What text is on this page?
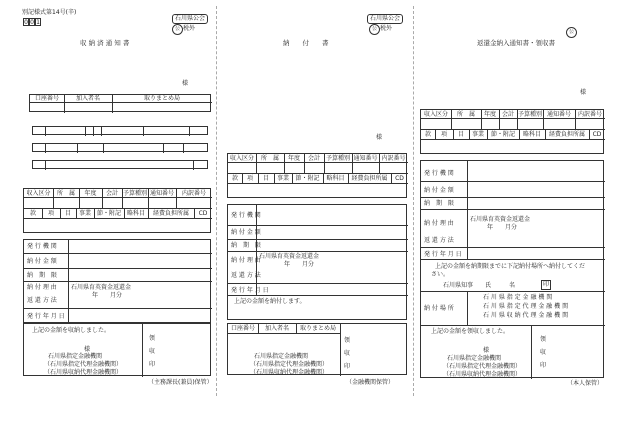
別記様式第14号(辛)
0 0 1
石川県公会
公 税外
収 納 済 通 知 書
様
口座番号	加入者名	取りまとめ局
収入区分	所　属	年度	会計 予算種別 通知番号	内訳番号
款	項	目	事業 節・附記 略科目	経費負担所属	CD
発 行 機 関
納 付 金 額
納　期　限
納 付 理 由
返 還 方 法
発 行 年 月 日
石川県育英資金返還金
年　　月分
上記の金額を収納しました。
様
石川県指定金融機関
（石川県指定代理金融機関）
（石川県収納代理金融機関）
領収印
（主務課長(兼員)保管）
石川県公会
公 税外
納　　付　　書
様
収入区分	所　属	年度	会計 予算種別 通知番号 内訳番号
款	項	目	事業	節・附記	略科目	経費負担所属	CD
発 行 機 関
納 付 金 額
納　期　限
納 付 理 由
返 還 方 法
発 行 年 月 日
石川県育英資金返還金
年　　月分
上記の金額を納付します。
口座番号	加入者名	取りまとめ局
石川県指定金融機関
（石川県指定代理金融機関）
（石川県収納代理金融機関）
領収印
（金融機関保管）
公
返還金納入通知書・領収書
様
収入区分	所　属	年度 会計 予算種別 通知番号	内訳番号
款	項	目	事業	節・附記	略科目	経費負担所属	CD
発 行 機 関
納 付 金 額
納　期　限
納 付 理 由
返 還 方 法
発 行 年 月 日
石川県育英資金返還金
年　　月分
上記の金額を納期限までに下記納付場所へ納付してくだ
さい。
石川県知事　　氏　　　名	印
納 付 場 所
石 川 県 指 定 金 融 機 関
石 川 県 指 定 代 理 金 融 機 関
石 川 県 収 納 代 理 金 融 機 関
上記の金額を領収しました。
様
石川県指定金融機関
（石川県指定代理金融機関）
（石川県収納代理金融機関）
領収印
（本人保管）
